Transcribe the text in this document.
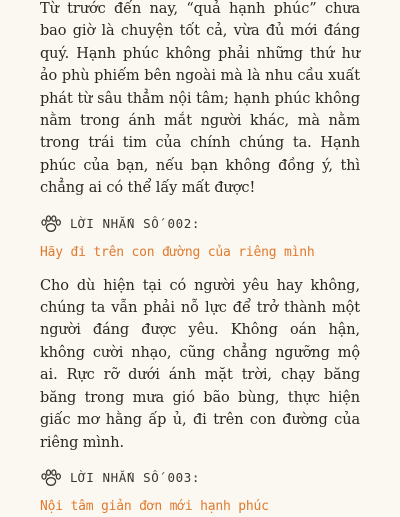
Từ trước đến nay, “quả hạnh phúc” chưa bao giờ là chuyện tốt cả, vừa đủ mới đáng quý. Hạnh phúc không phải những thứ hư ảo phù phiếm bên ngoài mà là nhu cầu xuất phát từ sâu thẳm nội tâm; hạnh phúc không nằm trong ánh mắt người khác, mà nằm trong trái tim của chính chúng ta. Hạnh phúc của bạn, nếu bạn không đồng ý, thì chẳng ai có thể lấy mất được!

LỜI NHẮN SỐ 002:
Hãy đi trên con đường của riêng mình

Cho dù hiện tại có người yêu hay không, chúng ta vẫn phải nỗ lực để trở thành một người đáng được yêu. Không oán hận, không cười nhạo, cũng chẳng ngưỡng mộ ai. Rực rỡ dưới ánh mặt trời, chạy băng băng trong mưa gió bão bùng, thực hiện giấc mơ hằng ấp ủ, đi trên con đường của riêng mình.

LỜI NHẮN SỐ 003:
Nội tâm giản đơn mới hạnh phúc
